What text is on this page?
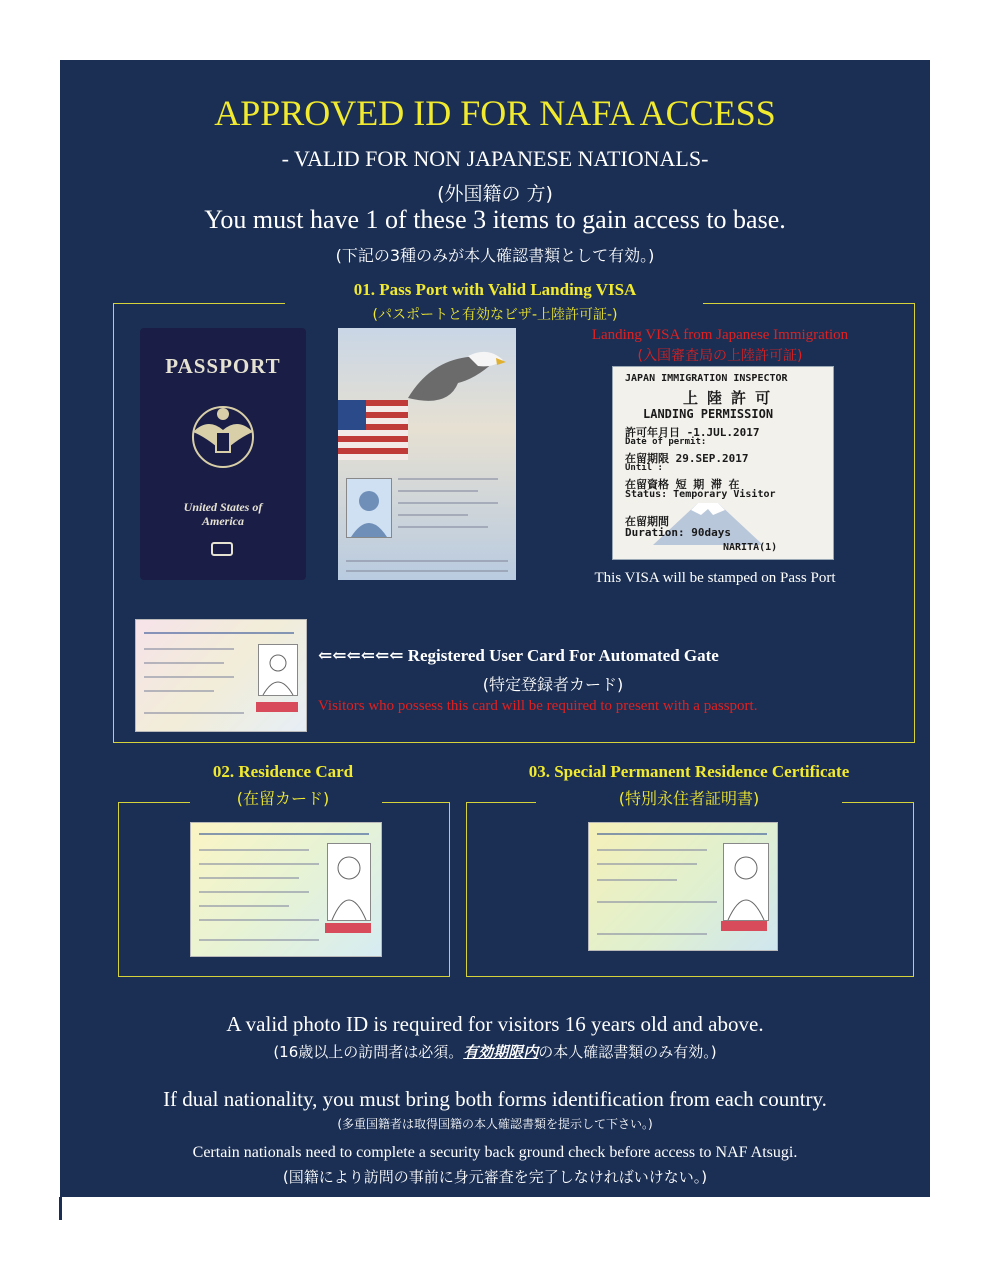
APPROVED ID FOR NAFA ACCESS
- VALID FOR NON JAPANESE NATIONALS-
(外国籍の 方)
You must have 1 of these 3 items to gain access to base.
(下記の3種のみが本人確認書類として有効。)
01. Pass Port with Valid Landing VISA
(パスポートと有効なビザ-上陸許可証-)
PASSPORT
United States of America
Landing VISA from Japanese Immigration
(入国審査局の上陸許可証)
JAPAN IMMIGRATION INSPECTOR
上 陸 許 可
LANDING PERMISSION
許可年月日 -1.JUL.2017
Date of permit:
在留期限 29.SEP.2017
Until :
在留資格 短 期 滞 在
Status: Temporary Visitor
在留期間
Duration: 90days
NARITA(1)
This VISA will be stamped on Pass Port
⇐⇐⇐⇐⇐⇐ Registered User Card For Automated Gate
(特定登録者カード)
Visitors who possess this card will be required to present with a passport.
02. Residence Card
(在留カード)
03. Special Permanent Residence Certificate
(特別永住者証明書)
A valid photo ID is required for visitors 16 years old and above.
(16歳以上の訪問者は必須。有効期限内の本人確認書類のみ有効。)
If dual nationality, you must bring both forms identification from each country.
(多重国籍者は取得国籍の本人確認書類を提示して下さい。)
Certain nationals need to complete a security back ground check before access to NAF Atsugi.
(国籍により訪問の事前に身元審査を完了しなければいけない。)
